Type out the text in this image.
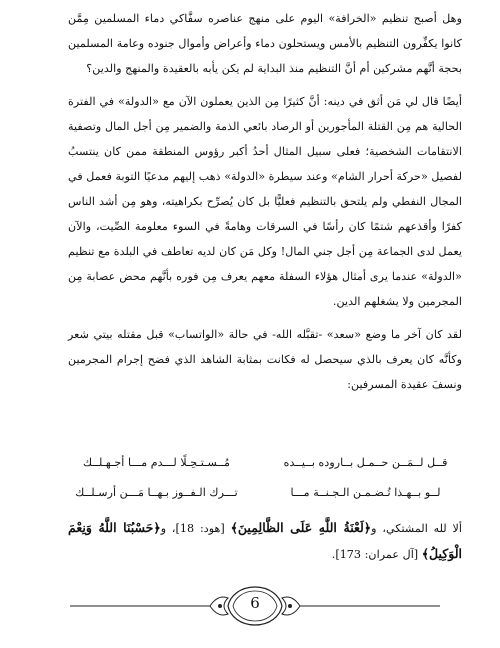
وهل أصبح تنظيم «الخرافة» اليوم على منهج عناصره سفَّاكي دماء المسلمين مِمَّن كانوا يكفِّرون التنظيم بالأمس ويستحلون دماء وأعراض وأموال جنوده وعامة المسلمين بحجة أنَّهم مشركين أم أنَّ التنظيم منذ البداية لم يكن يأبه بالعقيدة والمنهج والدين؟

أيضًا قال لي مَن أثق في دينه: أنَّ كثيرًا مِن الذين يعملون الآن مع «الدولة» في الفترة الحالية هم مِن القتلة المأجورين أو الرصاد بائعي الذمة والضمير مِن أجل المال وتصفية الانتقامات الشخصية؛ فعلى سبيل المثال أحدُ أكبر رؤوس المنطقة ممن كان ينتسبُ لفصيل «حركة أحرار الشام» وعند سيطرة «الدولة» ذهب إليهم مدعيًا التوبة فعمل في المجال النفطي ولم يلتحق بالتنظيم فعليًّا بل كان يُصرِّح بكراهيته، وهو مِن أشد الناس كفرًا وأقذعهم شتمًا كان رأسًا في السرقات وهامةً في السوء معلومة الصِّيت، والآن يعمل لدى الجماعة مِن أجل جني المال! وكل مَن كان لديه تعاطف في البلدة مع تنظيم «الدولة» عندما يرى أمثال هؤلاء السفلة معهم يعرف مِن فوره بأنَّهم محض عصابة مِن المجرمين ولا يشغلهم الدين.

لقد كان آخر ما وضع «سعد» -تقبَّله الله- في حالة «الواتساب» قبل مقتله بيتي شعر وكأنَّه كان يعرف بالذي سيحصل له فكانت بمثابة الشاهد الذي فضح إجرام المجرمين ونسفَ عقيدة المسرفين:

قــل لــمَــن حــمـل بــاروده بــيــده
مُــسـتـحِـلًا لـــدم مـــا أجـهـلــك
لــو بــهـذا تُـضـمـن الـجـنــة مـــا
تـــرك الـفــوز بـهــا مَـــن أرسـلــك
ألا لله المشتكي، و﴿لَعْنَةُ اللَّهِ عَلَى الظَّالِمِينَ﴾ [هود: 18]، و﴿حَسْبُنَا اللَّهُ وَنِعْمَ الْوَكِيلُ﴾ [آل عمران: 173].
6
